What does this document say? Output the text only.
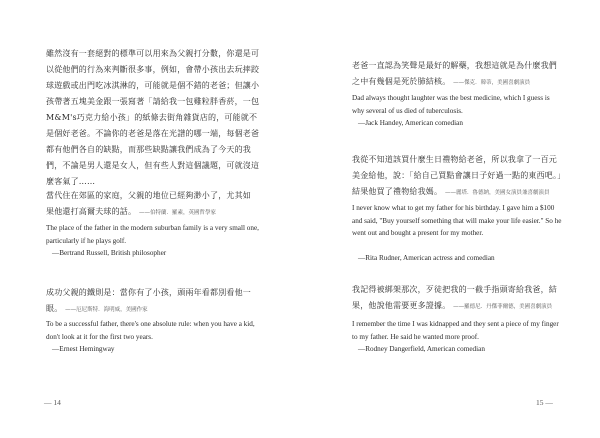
雖然沒有一套絕對的標準可以用來為父親打分數，你還是可以從他們的行為來判斷很多事，例如，會帶小孩出去玩摔跤球遊戲或出門吃冰淇淋的，可能就是個不錯的老爸；但讓小孩帶著五塊美金跟一張寫著「請給我一包雞粒胖香菸，一包M&M's巧克力給小孩」的紙條去街角雜貨店的，可能就不是個好老爸。不論你的老爸是落在光譜的哪一端，每個老爸都有他們各自的缺點，而那些缺點讓我們成為了今天的我們，不論是男人還是女人，但有些人對這個議題，可就沒這麼客氣了……
當代住在郊區的家庭，父親的地位已經夠渺小了，尤其如果他還打高爾夫球的話。 ——伯特蘭．羅素，英國哲學家
The place of the father in the modern suburban family is a very small one, particularly if he plays golf.
—Bertrand Russell, British philosopher
成功父親的鐵則是：當你有了小孩，頭兩年看都別看他一眼。 ——厄尼斯特．海明威，美國作家
To be a successful father, there's one absolute rule: when you have a kid, don't look at it for the first two years.
—Ernest Hemingway
— 14
老爸一直認為笑聲是最好的解藥，我想這就是為什麼我們之中有幾個是死於肺結核。 ——傑克．韓蒂，美國喜劇演員
Dad always thought laughter was the best medicine, which I guess is why several of us died of tuberculosis.
—Jack Handey, American comedian
我從不知道該買什麼生日禮物給老爸，所以我拿了一百元美金給他，說：「給自己買點會讓日子好過一點的東西吧。」結果他買了禮物給我媽。 ——麗塔．魯德納，美國女演員兼喜劇演員
I never know what to get my father for his birthday. I gave him a $100 and said, "Buy yourself something that will make your life easier." So he went out and bought a present for my mother.
—Rita Rudner, American actress and comedian
我記得被綁架那次，歹徒把我的一截手指頭寄給我爸，結果，他說他需要更多證據。 ——羅德尼．丹傑菲爾德，美國喜劇演員
I remember the time I was kidnapped and they sent a piece of my finger to my father. He said he wanted more proof.
—Rodney Dangerfield, American comedian
15 —
